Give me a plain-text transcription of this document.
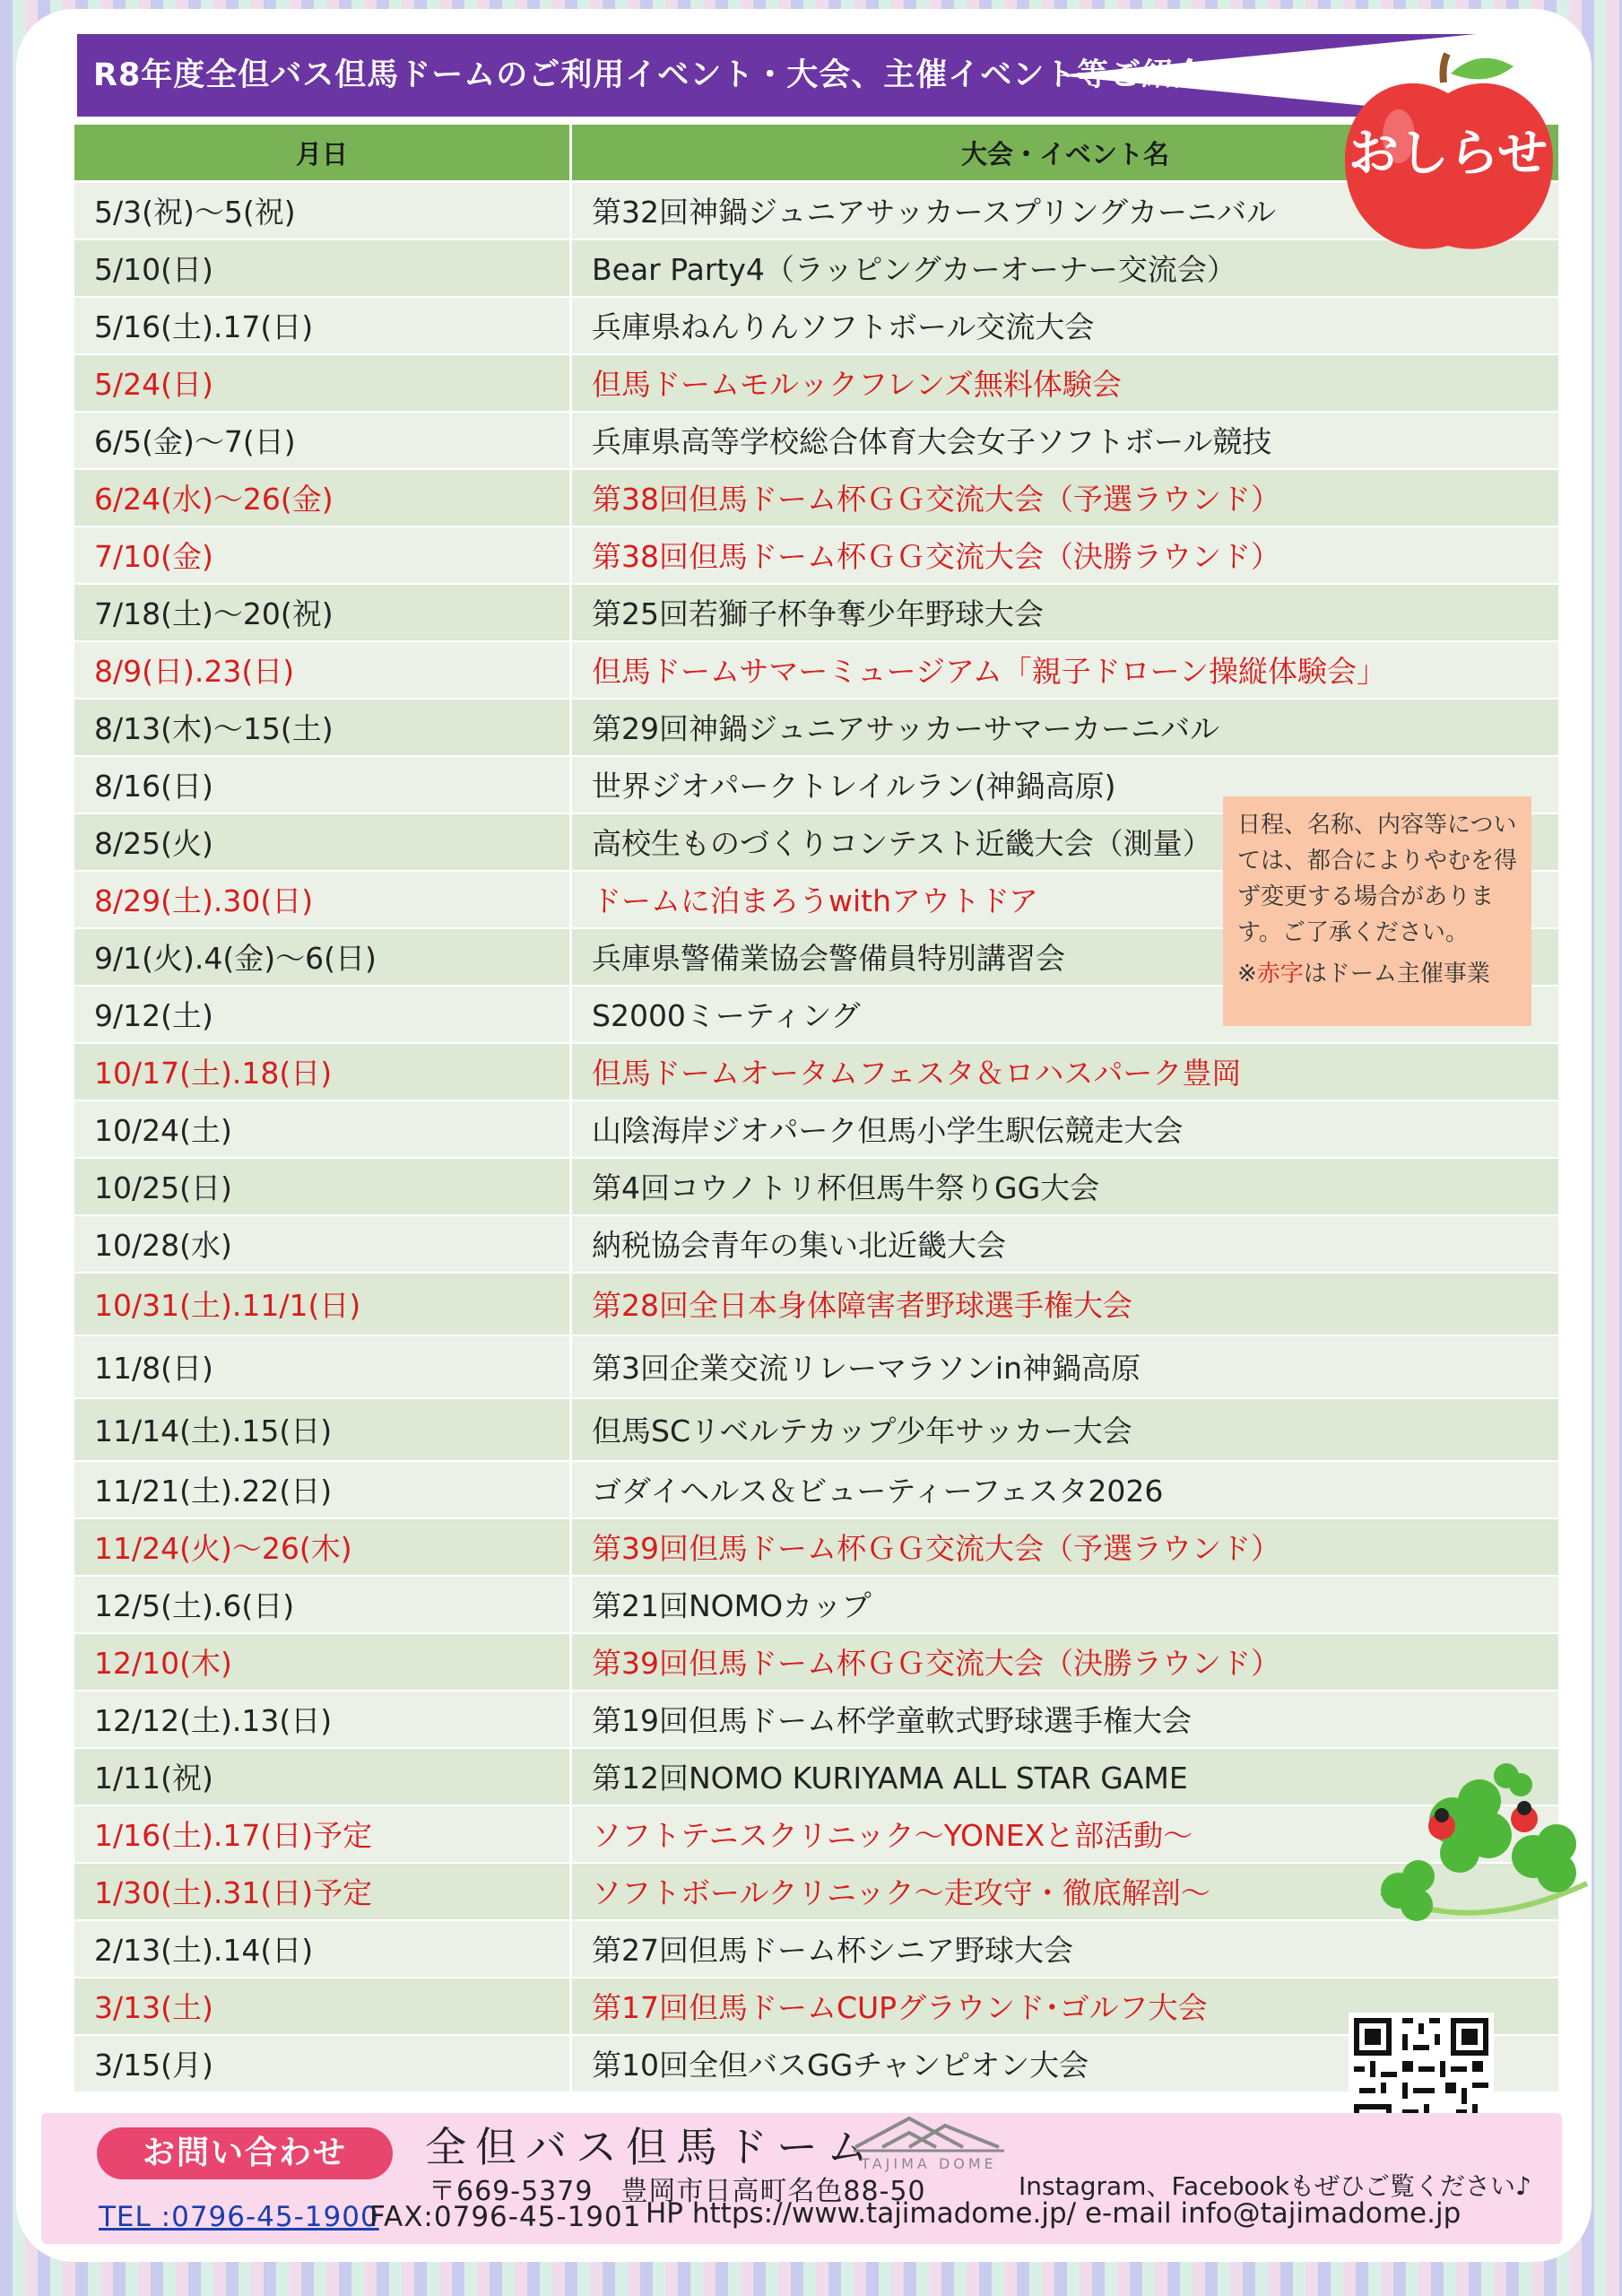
R8年度全但バス但馬ドームのご利用イベント・大会、主催イベント等ご紹介
月日	大会・イベント名
5/3(祝)～5(祝)	第32回神鍋ジュニアサッカースプリングカーニバル
5/10(日)	Bear Party4（ラッピングカーオーナー交流会）
5/16(土).17(日)	兵庫県ねんりんソフトボール交流大会
5/24(日)	但馬ドームモルックフレンズ無料体験会
6/5(金)～7(日)	兵庫県高等学校総合体育大会女子ソフトボール競技
6/24(水)～26(金)	第38回但馬ドーム杯ＧＧ交流大会（予選ラウンド）
7/10(金)	第38回但馬ドーム杯ＧＧ交流大会（決勝ラウンド）
7/18(土)～20(祝)	第25回若獅子杯争奪少年野球大会
8/9(日).23(日)	但馬ドームサマーミュージアム「親子ドローン操縦体験会」
8/13(木)～15(土)	第29回神鍋ジュニアサッカーサマーカーニバル
8/16(日)	世界ジオパークトレイルラン(神鍋高原)
8/25(火)	高校生ものづくりコンテスト近畿大会（測量）
8/29(土).30(日)	ドームに泊まろうwithアウトドア
9/1(火).4(金)～6(日)	兵庫県警備業協会警備員特別講習会
9/12(土)	S2000ミーティング
10/17(土).18(日)	但馬ドームオータムフェスタ＆ロハスパーク豊岡
10/24(土)	山陰海岸ジオパーク但馬小学生駅伝競走大会
10/25(日)	第4回コウノトリ杯但馬牛祭りGG大会
10/28(水)	納税協会青年の集い北近畿大会
10/31(土).11/1(日)	第28回全日本身体障害者野球選手権大会
11/8(日)	第3回企業交流リレーマラソンin神鍋高原
11/14(土).15(日)	但馬SCリベルテカップ少年サッカー大会
11/21(土).22(日)	ゴダイヘルス＆ビューティーフェスタ2026
11/24(火)～26(木)	第39回但馬ドーム杯ＧＧ交流大会（予選ラウンド）
12/5(土).6(日)	第21回NOMOカップ
12/10(木)	第39回但馬ドーム杯ＧＧ交流大会（決勝ラウンド）
12/12(土).13(日)	第19回但馬ドーム杯学童軟式野球選手権大会
1/11(祝)	第12回NOMO KURIYAMA ALL STAR GAME
1/16(土).17(日)予定	ソフトテニスクリニック～YONEXと部活動～
1/30(土).31(日)予定	ソフトボールクリニック～走攻守・徹底解剖～
2/13(土).14(日)	第27回但馬ドーム杯シニア野球大会
3/13(土)	第17回但馬ドームCUPグラウンド･ゴルフ大会
3/15(月)	第10回全但バスGGチャンピオン大会
おしらせ
日程、名称、内容等については、都合によりやむを得ず変更する場合があります。ご了承ください。
※赤字はドーム主催事業
お問い合わせ	全但バス但馬ドーム
TAJIMA DOME
〒669-5379　豊岡市日高町名色88-50	Instagram、Facebookもぜひご覧ください♪
TEL :0796-45-1900
FAX:0796-45-1901 HP https://www.tajimadome.jp/ e-mail info@tajimadome.jp
